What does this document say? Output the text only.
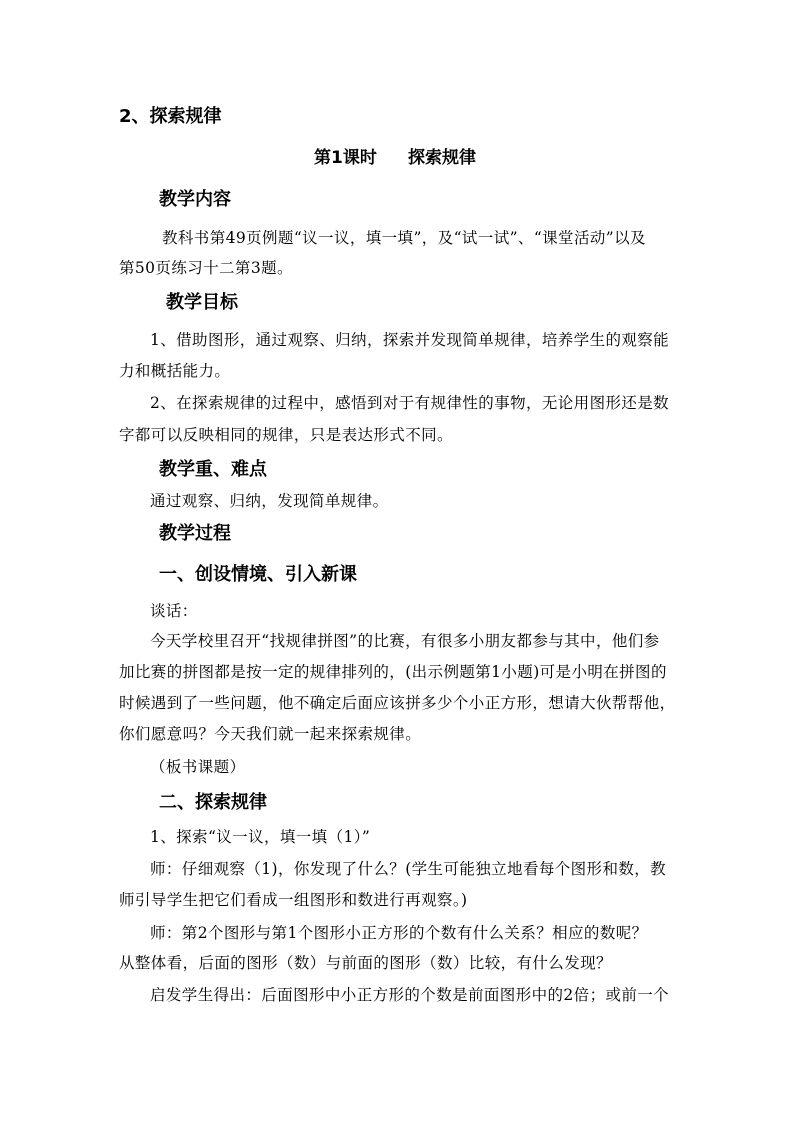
2、探索规律
第1课时 探索规律
教学内容
教科书第49页例题“议一议，填一填”，及“试一试”、“课堂活动”以及
第50页练习十二第3题。
教学目标
1、借助图形，通过观察、归纳，探索并发现简单规律，培养学生的观察能
力和概括能力。
2、在探索规律的过程中，感悟到对于有规律性的事物，无论用图形还是数
字都可以反映相同的规律，只是表达形式不同。
教学重、难点
通过观察、归纳，发现简单规律。
教学过程
一、创设情境、引入新课
谈话：
今天学校里召开“找规律拼图”的比赛，有很多小朋友都参与其中，他们参
加比赛的拼图都是按一定的规律排列的，(出示例题第1小题)可是小明在拼图的
时候遇到了一些问题，他不确定后面应该拼多少个小正方形，想请大伙帮帮他，
你们愿意吗？今天我们就一起来探索规律。
（板书课题）
二、探索规律
1、探索“议一议，填一填（1）”
师：仔细观察（1)，你发现了什么？(学生可能独立地看每个图形和数，教
师引导学生把它们看成一组图形和数进行再观察。)
师：第2个图形与第1个图形小正方形的个数有什么关系？相应的数呢？
从整体看，后面的图形（数）与前面的图形（数）比较，有什么发现？
启发学生得出：后面图形中小正方形的个数是前面图形中的2倍；或前一个
